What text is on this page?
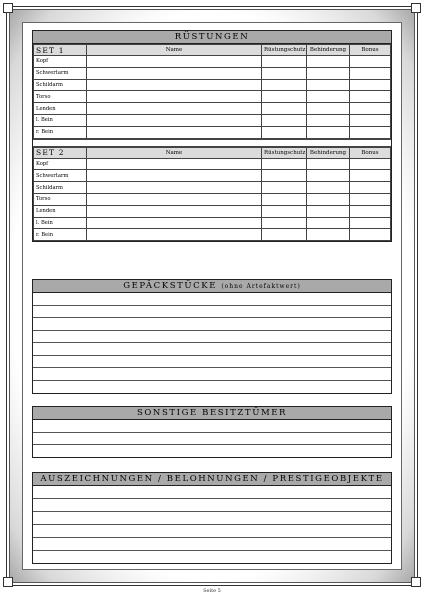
RÜSTUNGEN
SET 1	Name	Rüstungschutz	Behinderung	Bonus
Kopf				
Schwertarm				
Schildarm				
Torso				
Lenden				
l. Bein				
r. Bein				
SET 2	Name	Rüstungschutz	Behinderung	Bonus
Kopf				
Schwertarm				
Schildarm				
Torso				
Lenden				
l. Bein				
r. Bein				
GEPÄCKSTÜCKE (ohne Artefaktwert)
SONSTIGE BESITZTÜMER
AUSZEICHNUNGEN / BELOHNUNGEN / PRESTIGEOBJEKTE
Seite 5
